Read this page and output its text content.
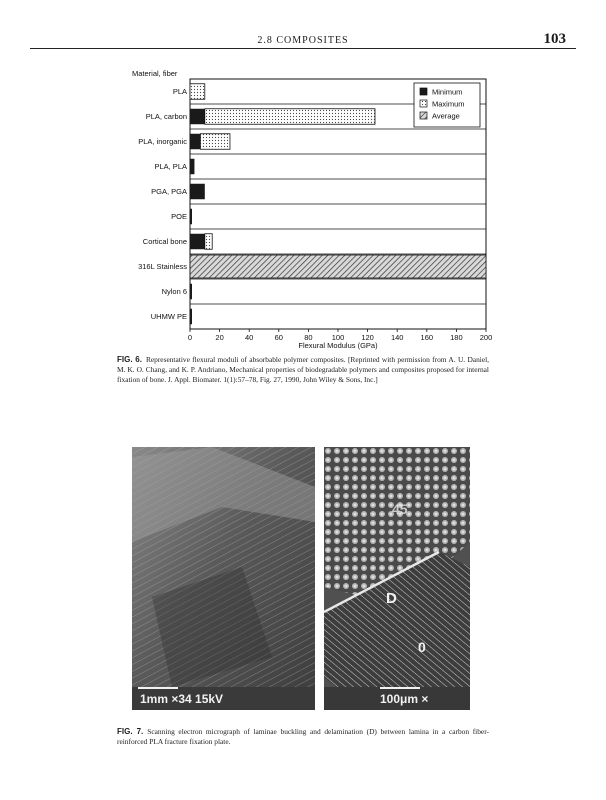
2.8 COMPOSITES	103
Material, fiber
PLA
PLA, carbon
PLA, inorganic
PLA, PLA
PGA, PGA
POE
Cortical bone
316L Stainless
Nylon 6
UHMW PE
0	20	40	60	80	100 120 140 160 180 200
Flexural Modulus (GPa)
Minimum
Maximum
Average
FIG. 6. Representative flexural moduli of absorbable polymer composites. [Reprinted with permission from A. U. Daniel, M. K. O. Chang, and K. P. Andriano, Mechanical properties of biodegradable polymers and composites proposed for internal fixation of bone. J. Appl. Biomater. 1(1):57–78, Fig. 27, 1990, John Wiley & Sons, Inc.]
1mm ×34 15kV
45
D
0
100μm ×
FIG. 7. Scanning electron micrograph of laminae buckling and delamination (D) between lamina in a carbon fiber-reinforced PLA fracture fixation plate.
